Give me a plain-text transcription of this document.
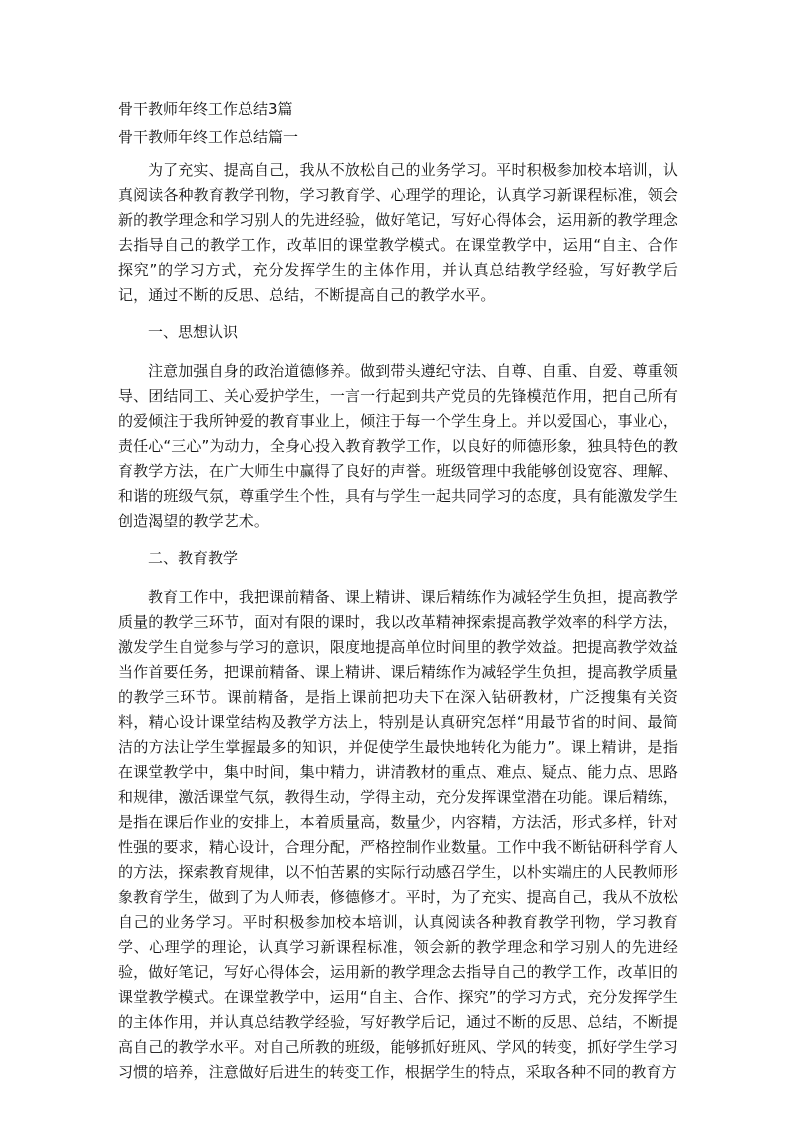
骨干教师年终工作总结3篇
骨干教师年终工作总结篇一

为了充实、提高自己，我从不放松自己的业务学习。平时积极参加校本培训，认真阅读各种教育教学刊物，学习教育学、心理学的理论，认真学习新课程标准，领会新的教学理念和学习别人的先进经验，做好笔记，写好心得体会，运用新的教学理念去指导自己的教学工作，改革旧的课堂教学模式。在课堂教学中，运用“自主、合作探究”的学习方式，充分发挥学生的主体作用，并认真总结教学经验，写好教学后记，通过不断的反思、总结，不断提高自己的教学水平。

一、思想认识

注意加强自身的政治道德修养。做到带头遵纪守法、自尊、自重、自爱、尊重领导、团结同工、关心爱护学生，一言一行起到共产党员的先锋模范作用，把自己所有的爱倾注于我所钟爱的教育事业上，倾注于每一个学生身上。并以爱国心，事业心，责任心“三心”为动力，全身心投入教育教学工作，以良好的师德形象，独具特色的教育教学方法，在广大师生中赢得了良好的声誉。班级管理中我能够创设宽容、理解、和谐的班级气氛，尊重学生个性，具有与学生一起共同学习的态度，具有能激发学生创造渴望的教学艺术。

二、教育教学

教育工作中，我把课前精备、课上精讲、课后精练作为减轻学生负担，提高教学质量的教学三环节，面对有限的课时，我以改革精神探索提高教学效率的科学方法，激发学生自觉参与学习的意识，限度地提高单位时间里的教学效益。把提高教学效益当作首要任务，把课前精备、课上精讲、课后精练作为减轻学生负担，提高教学质量的教学三环节。课前精备，是指上课前把功夫下在深入钻研教材，广泛搜集有关资料，精心设计课堂结构及教学方法上，特别是认真研究怎样“用最节省的时间、最简洁的方法让学生掌握最多的知识，并促使学生最快地转化为能力”。课上精讲，是指在课堂教学中，集中时间，集中精力，讲清教材的重点、难点、疑点、能力点、思路和规律，激活课堂气氛，教得生动，学得主动，充分发挥课堂潜在功能。课后精练，是指在课后作业的安排上，本着质量高，数量少，内容精，方法活，形式多样，针对性强的要求，精心设计，合理分配，严格控制作业数量。工作中我不断钻研科学育人的方法，探索教育规律，以不怕苦累的实际行动感召学生，以朴实端庄的人民教师形象教育学生，做到了为人师表，修德修才。平时，为了充实、提高自己，我从不放松自己的业务学习。平时积极参加校本培训，认真阅读各种教育教学刊物，学习教育学、心理学的理论，认真学习新课程标准，领会新的教学理念和学习别人的先进经验，做好笔记，写好心得体会，运用新的教学理念去指导自己的教学工作，改革旧的课堂教学模式。在课堂教学中，运用“自主、合作、探究”的学习方式，充分发挥学生的主体作用，并认真总结教学经验，写好教学后记，通过不断的反思、总结，不断提高自己的教学水平。对自己所教的班级，能够抓好班风、学风的转变，抓好学生学习习惯的培养，注意做好后进生的转变工作，根据学生的特点，采取各种不同的教育方
